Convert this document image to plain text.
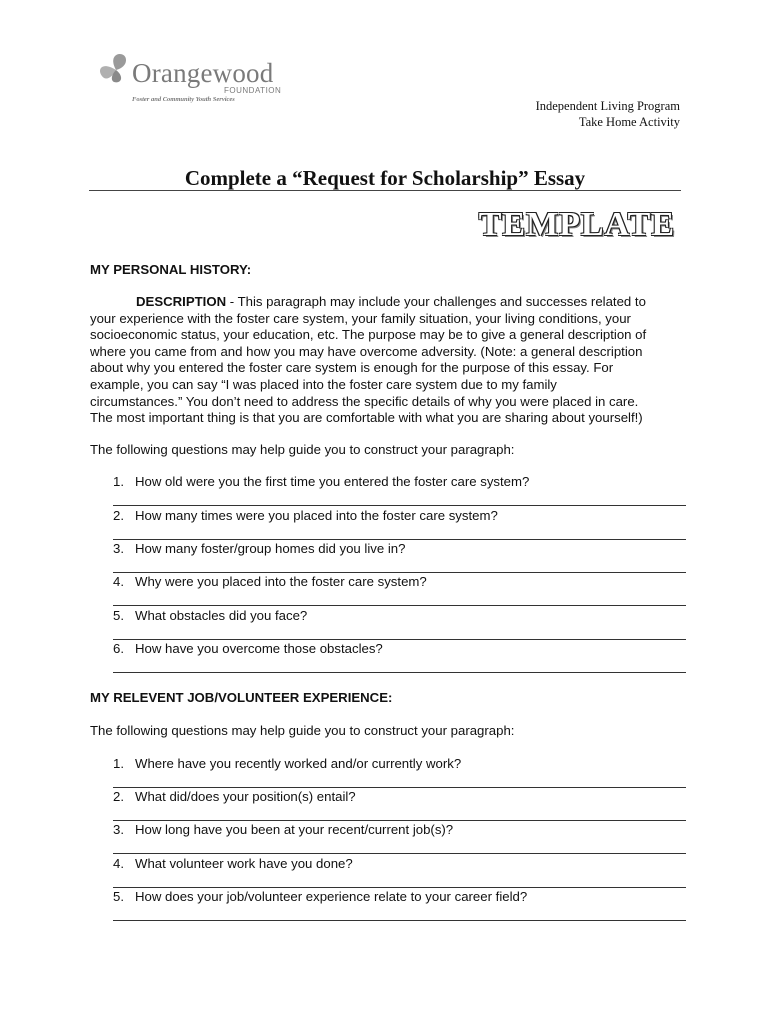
Orangewood
FOUNDATION
Foster and Community Youth Services	Independent Living Program
Take Home Activity
Complete a “Request for Scholarship” Essay
TEMPLATE
MY PERSONAL HISTORY:
DESCRIPTION - This paragraph may include your challenges and successes related to
your experience with the foster care system, your family situation, your living conditions, your
socioeconomic status, your education, etc. The purpose may be to give a general description of
where you came from and how you may have overcome adversity. (Note: a general description
about why you entered the foster care system is enough for the purpose of this essay. For
example, you can say “I was placed into the foster care system due to my family
circumstances.” You don’t need to address the specific details of why you were placed in care.
The most important thing is that you are comfortable with what you are sharing about yourself!)
The following questions may help guide you to construct your paragraph:
1. How old were you the first time you entered the foster care system?
2. How many times were you placed into the foster care system?
3. How many foster/group homes did you live in?
4. Why were you placed into the foster care system?
5. What obstacles did you face?
6. How have you overcome those obstacles?
MY RELEVENT JOB/VOLUNTEER EXPERIENCE:
The following questions may help guide you to construct your paragraph:
1. Where have you recently worked and/or currently work?
2. What did/does your position(s) entail?
3. How long have you been at your recent/current job(s)?
4. What volunteer work have you done?
5. How does your job/volunteer experience relate to your career field?
